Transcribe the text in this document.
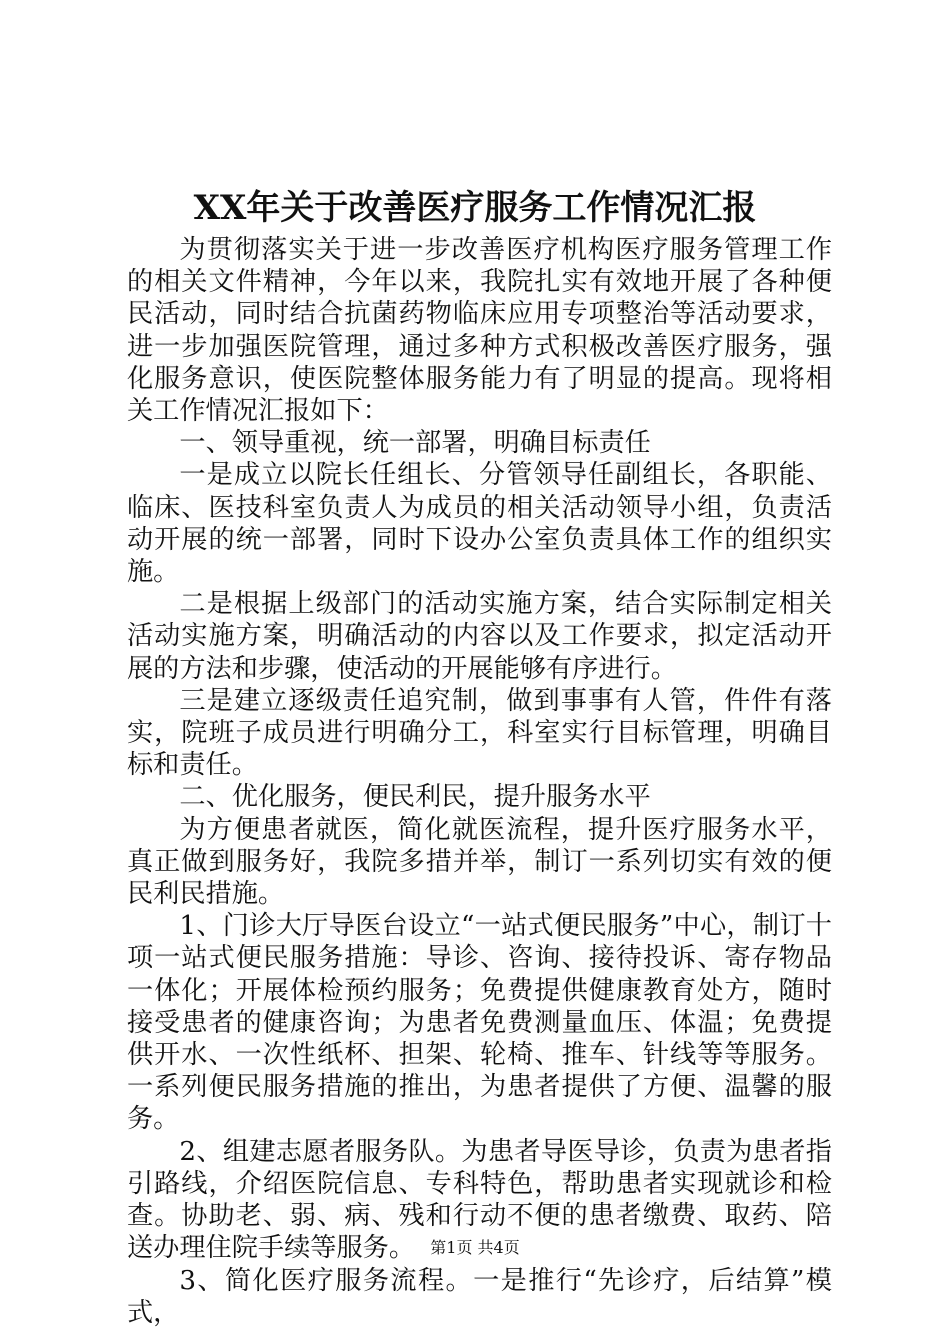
XX年关于改善医疗服务工作情况汇报

为贯彻落实关于进一步改善医疗机构医疗服务管理工作的相关文件精神，今年以来，我院扎实有效地开展了各种便民活动，同时结合抗菌药物临床应用专项整治等活动要求，进一步加强医院管理，通过多种方式积极改善医疗服务，强化服务意识，使医院整体服务能力有了明显的提高。现将相关工作情况汇报如下：

一、领导重视，统一部署，明确目标责任

一是成立以院长任组长、分管领导任副组长，各职能、临床、医技科室负责人为成员的相关活动领导小组，负责活动开展的统一部署，同时下设办公室负责具体工作的组织实施。

二是根据上级部门的活动实施方案，结合实际制定相关活动实施方案，明确活动的内容以及工作要求，拟定活动开展的方法和步骤，使活动的开展能够有序进行。

三是建立逐级责任追究制，做到事事有人管，件件有落实，院班子成员进行明确分工，科室实行目标管理，明确目标和责任。

二、优化服务，便民利民，提升服务水平

为方便患者就医，简化就医流程，提升医疗服务水平，真正做到服务好，我院多措并举，制订一系列切实有效的便民利民措施。

1、门诊大厅导医台设立“一站式便民服务”中心，制订十项一站式便民服务措施：导诊、咨询、接待投诉、寄存物品一体化；开展体检预约服务；免费提供健康教育处方，随时接受患者的健康咨询；为患者免费测量血压、体温；免费提供开水、一次性纸杯、担架、轮椅、推车、针线等等服务。一系列便民服务措施的推出，为患者提供了方便、温馨的服务。

2、组建志愿者服务队。为患者导医导诊，负责为患者指引路线，介绍医院信息、专科特色，帮助患者实现就诊和检查。协助老、弱、病、残和行动不便的患者缴费、取药、陪送办理住院手续等服务。

3、简化医疗服务流程。一是推行“先诊疗，后结算”模式，

第1页 共4页
